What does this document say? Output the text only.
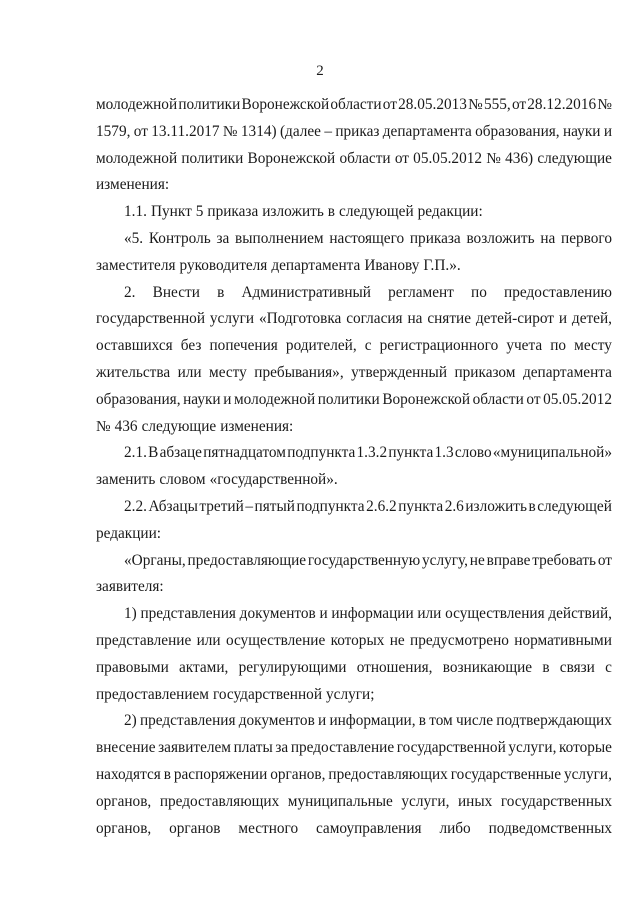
2
молодежной политики Воронежской области от 28.05.2013 № 555, от 28.12.2016 №
1579, от 13.11.2017 № 1314) (далее – приказ департамента образования, науки и
молодежной политики Воронежской области от 05.05.2012 № 436) следующие
изменения:
1.1. Пункт 5 приказа изложить в следующей редакции:
«5. Контроль за выполнением настоящего приказа возложить на первого
заместителя руководителя департамента Иванову Г.П.».
2. Внести в Административный регламент по предоставлению
государственной услуги «Подготовка согласия на снятие детей-сирот и детей,
оставшихся без попечения родителей, с регистрационного учета по месту
жительства или месту пребывания», утвержденный приказом департамента
образования, науки и молодежной политики Воронежской области от 05.05.2012
№ 436 следующие изменения:
2.1. В абзаце пятнадцатом подпункта 1.3.2 пункта 1.3 слово «муниципальной»
заменить словом «государственной».
2.2. Абзацы третий – пятый подпункта 2.6.2 пункта 2.6 изложить в следующей
редакции:
«Органы, предоставляющие государственную услугу, не вправе требовать от
заявителя:
1) представления документов и информации или осуществления действий,
представление или осуществление которых не предусмотрено нормативными
правовыми актами, регулирующими отношения, возникающие в связи с
предоставлением государственной услуги;
2) представления документов и информации, в том числе подтверждающих
внесение заявителем платы за предоставление государственной услуги, которые
находятся в распоряжении органов, предоставляющих государственные услуги,
органов, предоставляющих муниципальные услуги, иных государственных
органов, органов местного самоуправления либо подведомственных
